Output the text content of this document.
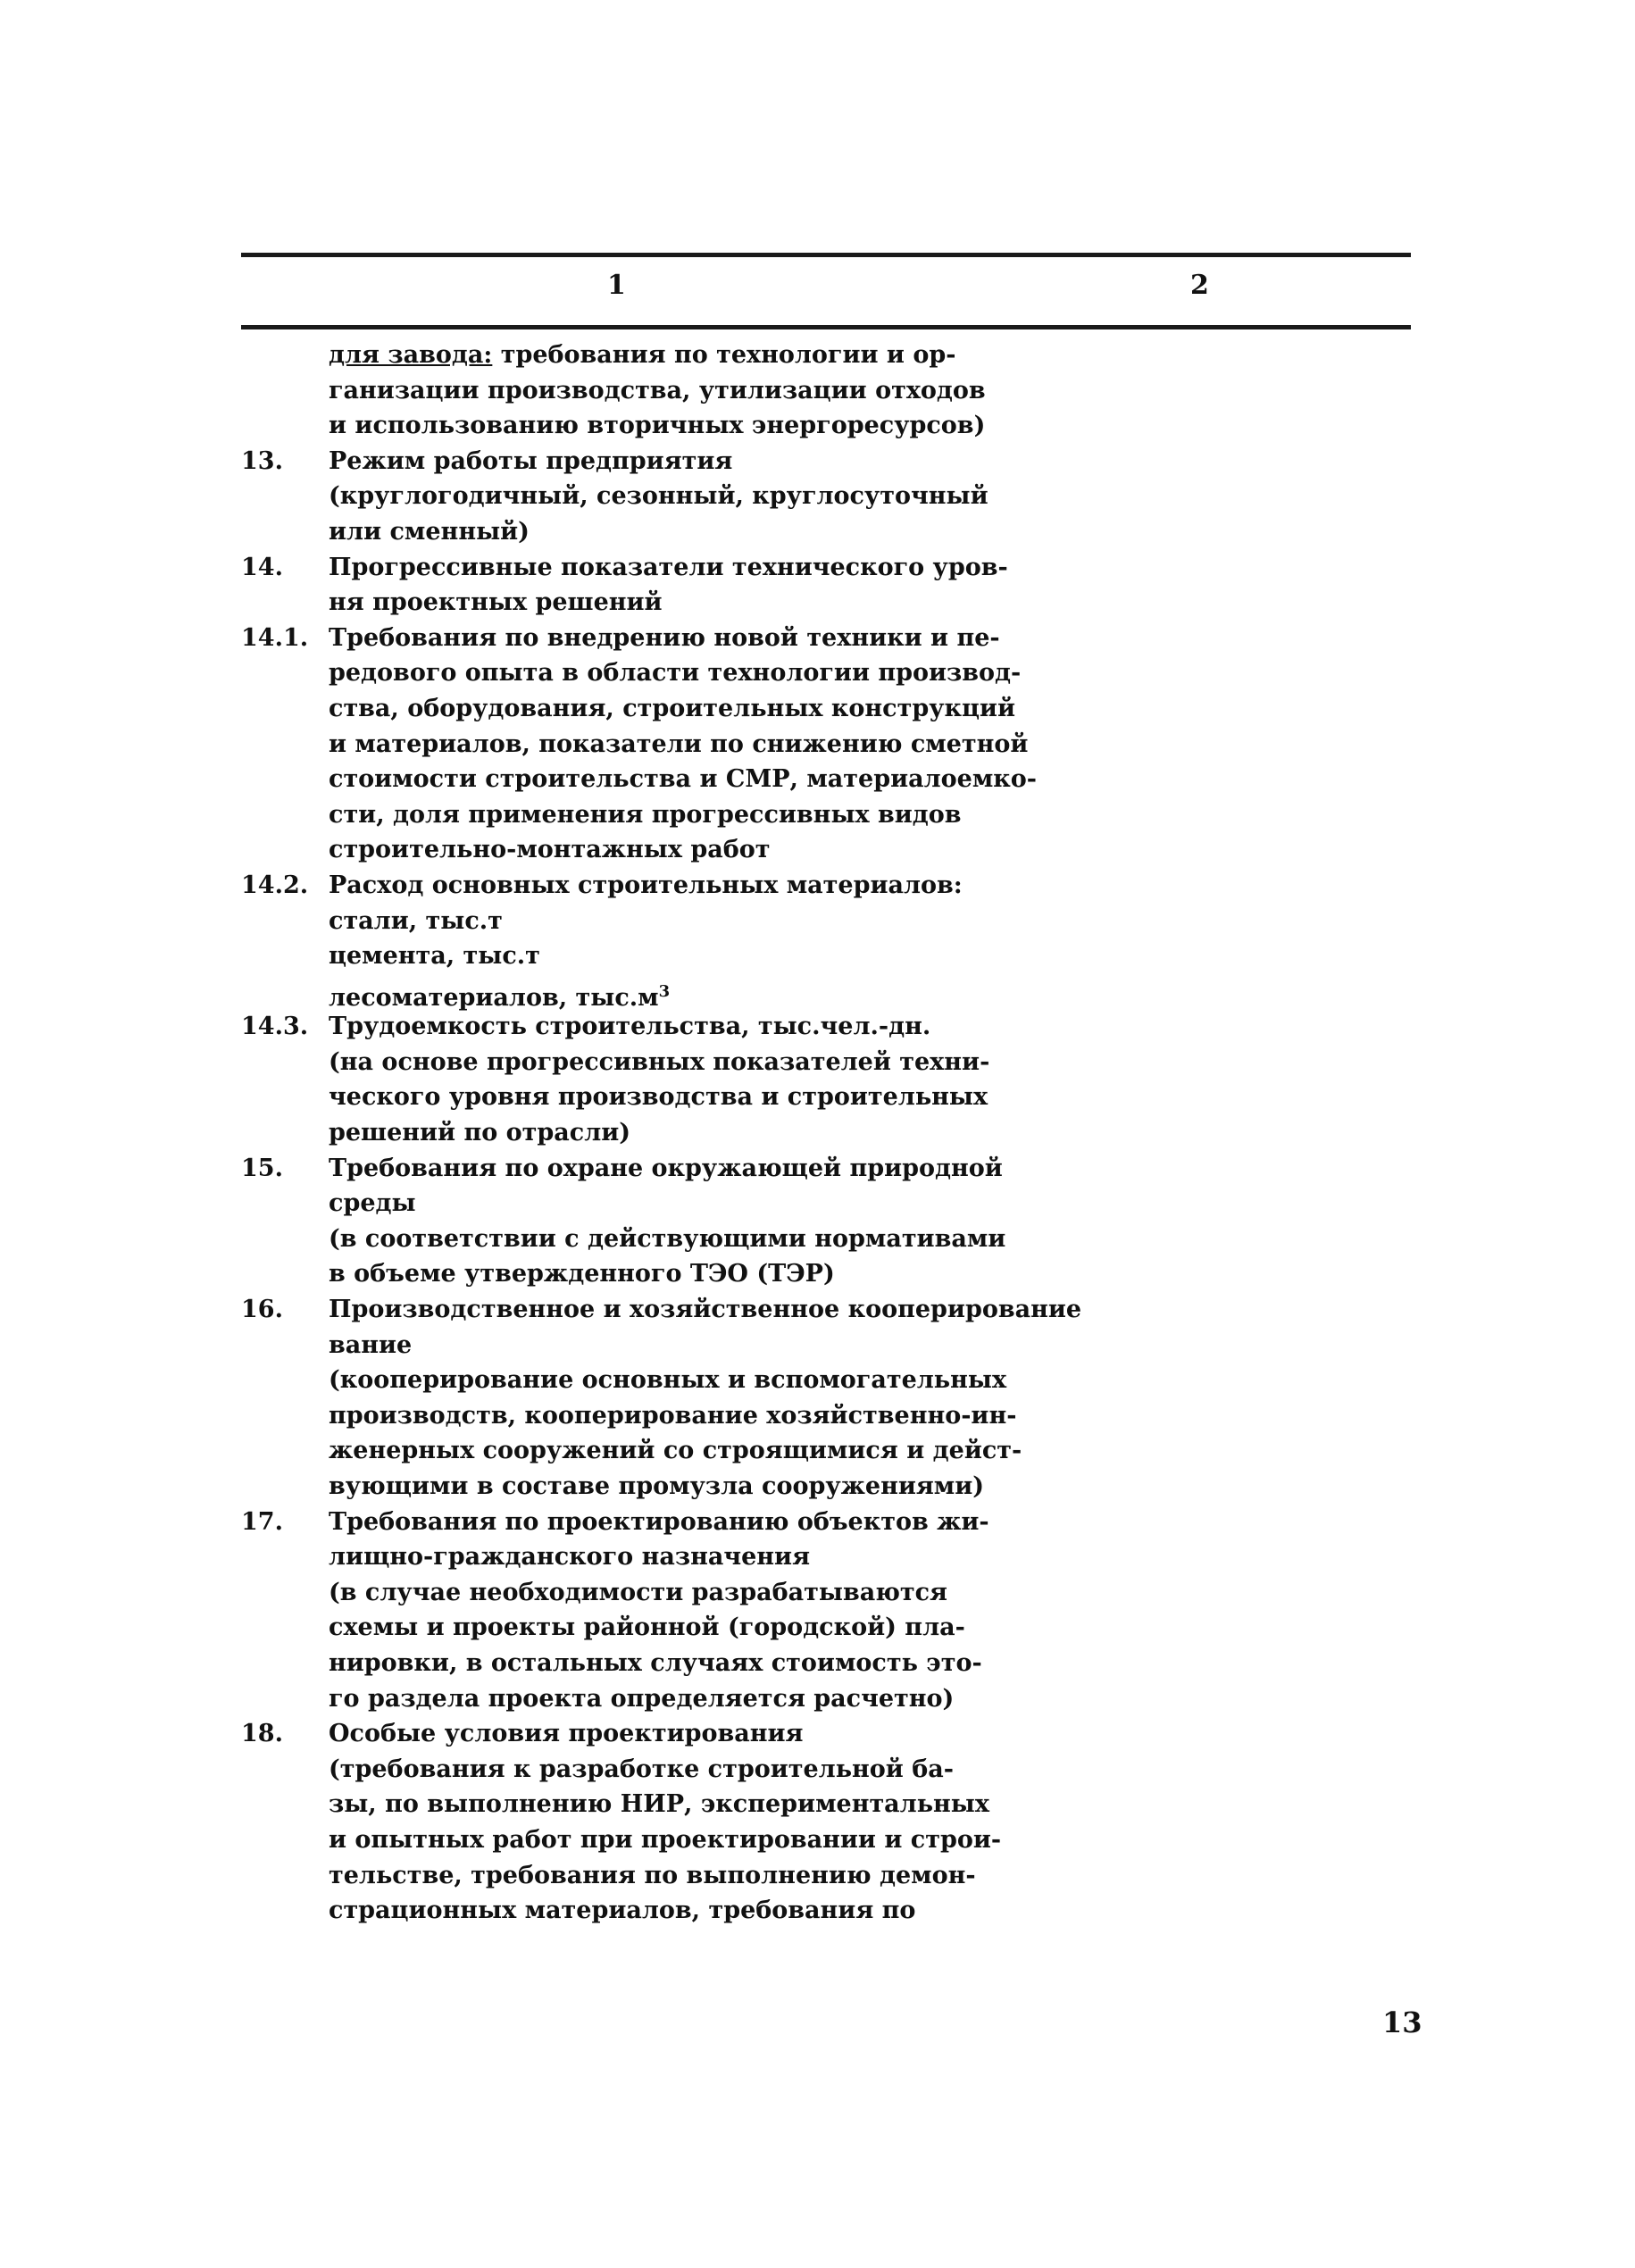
1	2
для завода: требования по технологии и ор-
ганизации производства, утилизации отходов
и использованию вторичных энергоресурсов)
13.	Режим работы предприятия
(круглогодичный, сезонный, круглосуточный
или сменный)
14.	Прогрессивные показатели технического уров-
ня проектных решений
14.1. Требования по внедрению новой техники и пе-
редового опыта в области технологии производ-
ства, оборудования, строительных конструкций
и материалов, показатели по снижению сметной
стоимости строительства и СМР, материалоемко-
сти, доля применения прогрессивных видов
строительно-монтажных работ
14.2. Расход основных строительных материалов:
стали, тыс.т
цемента, тыс.т
лесоматериалов, $тыс.м^3$
14.3. Трудоемкость строительства, тыс.чел.-дн.
(на основе прогрессивных показателей техни-
ческого уровня производства и строительных
решений по отрасли)
15.	Требования по охране окружающей природной
среды
(в соответствии с действующими нормативами
в объеме утвержденного ТЭО (ТЭР)
16.	Производственное и хозяйственное кооперирование
вание
(кооперирование основных и вспомогательных
производств, кооперирование хозяйственно-ин-
женерных сооружений со строящимися и дейст-
вующими в составе промузла сооружениями)
17.	Требования по проектированию объектов жи-
лищно-гражданского назначения
(в случае необходимости разрабатываются
схемы и проекты районной (городской) пла-
нировки, в остальных случаях стоимость это-
го раздела проекта определяется расчетно)
18.	Особые условия проектирования
(требования к разработке строительной ба-
зы, по выполнению НИР, экспериментальных
и опытных работ при проектировании и строи-
тельстве, требования по выполнению демон-
страционных материалов, требования по
13
